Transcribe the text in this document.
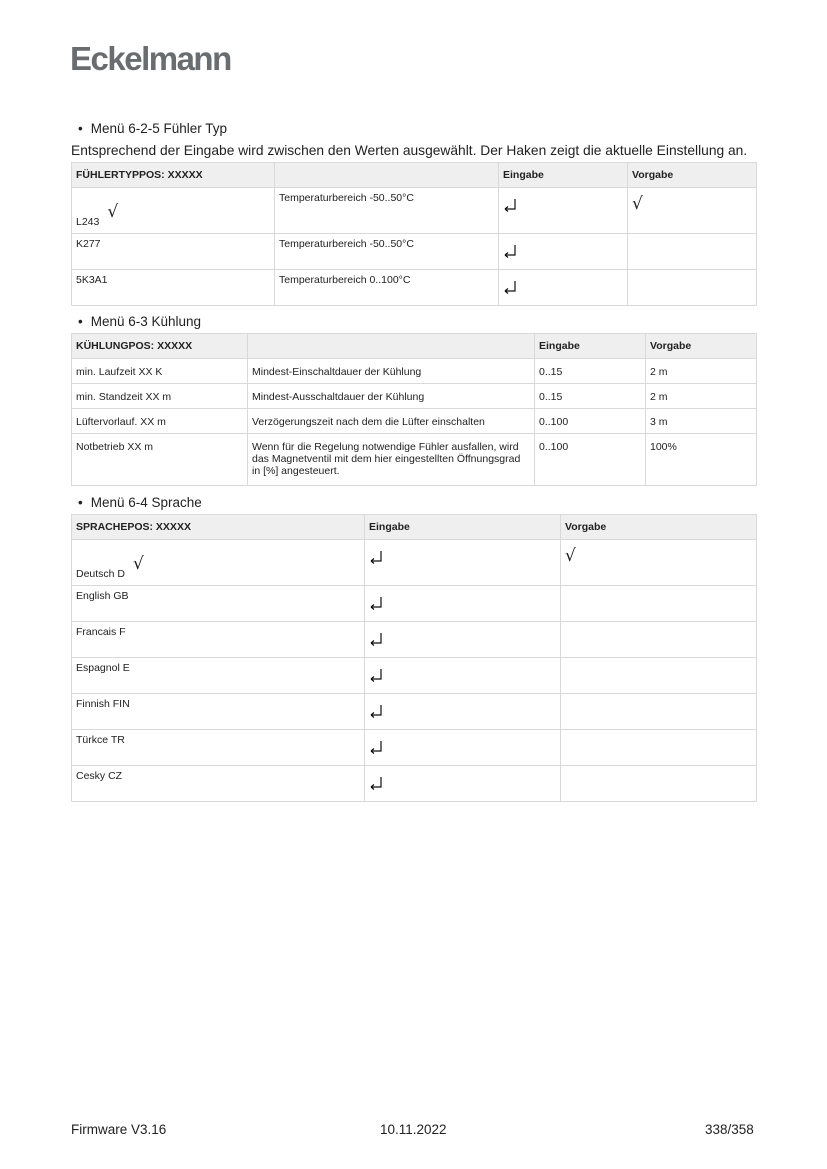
Eckelmann
• Menü 6-2-5 Fühler Typ
Entsprechend der Eingabe wird zwischen den Werten ausgewählt. Der Haken zeigt die aktuelle Einstellung an.
FÜHLERTYPPOS: XXXXX		Eingabe	Vorgabe
L243 √	Temperaturbereich -50..50°C		√
K277	Temperaturbereich -50..50°C	

5K3A1	Temperaturbereich 0..100°C	

• Menü 6-3 Kühlung
KÜHLUNGPOS: XXXXX		Eingabe	Vorgabe
min. Laufzeit XX K	Mindest-Einschaltdauer der Kühlung	0..15	2 m
min. Standzeit XX m	Mindest-Ausschaltdauer der Kühlung	0..15	2 m
Lüftervorlauf. XX m	Verzögerungszeit nach dem die Lüfter einschalten	0..100	3 m
Notbetrieb XX m	Wenn für die Regelung notwendige Fühler ausfallen, wird das Magnetventil mit dem hier eingestellten Öffnungsgrad in [%] angesteuert.	0..100	100%
• Menü 6-4 Sprache
SPRACHEPOS: XXXXX	Eingabe	Vorgabe
Deutsch D √		√
English GB	

Francais F	

Espagnol E	

Finnish FIN	

Türkce TR	

Cesky CZ	

Firmware V3.16	10.11.2022	338/358
